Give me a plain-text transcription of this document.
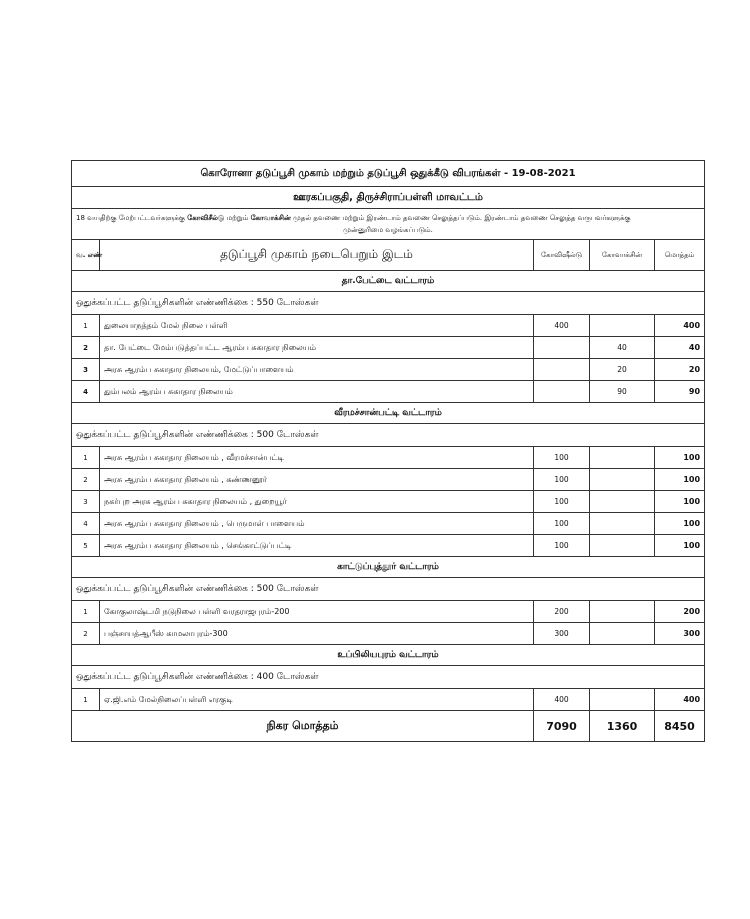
கொரோனா தடுப்பூசி முகாம் மற்றும் தடுப்பூசி ஒதுக்கீடு விபரங்கள் - 19-08-2021				
ஊரகப்பகுதி, திருச்சிராப்பள்ளி மாவட்டம்				
18 வயதிற்கு மேற்பட்டவர்களுக்கு கோவிசீல்டு மற்றும் கோவாக்சின் முதல் தவணை மற்றும் இரண்டாம் தவணை செலுத்தப்படும். இரண்டாம் தவணை செலுத்த வருபவர்களுக்கு
முன்னுரிமை வழங்கப்படும்.				

வ. எண்	தடுப்பூசி முகாம் நடைபெறும் இடம்	கோவிஷீல்டு	கோவாக்சின்	மொத்தம்
தா.பேட்டை வட்டாரம்				
ஒதுக்கப்பட்ட தடுப்பூசிகளின் எண்ணிக்கை : 550 டோஸ்கள்				
1	துலையாநத்தம் மேல் நிலை பள்ளி	400		400
2	தா. பேட்டை மேம்படுத்தப்பட்ட ஆரம்ப சுகாதார நிலையம்		40	40
3	அரசு ஆரம்ப சுகாதார நிலையம், மேட்டுப்பாளையம்		20	20
4	தும்பலம் ஆரம்ப சுகாதார நிலையம்		90	90
வீரமச்சான்பட்டி வட்டாரம்				
ஒதுக்கப்பட்ட தடுப்பூசிகளின் எண்ணிக்கை : 500 டோஸ்கள்				
1	அரசு ஆரம்ப சுகாதார நிலையம் , வீரமச்சான்பட்டி	100		100
2	அரசு ஆரம்ப சுகாதார நிலையம் , கண்ணனூர்	100		100
3	நகர்புற அரசு ஆரம்ப சுகாதார நிலையம் , துறையூர்	100		100
4	அரசு ஆரம்ப சுகாதார நிலையம் , பெருமாள் பாளையம்	100		100
5	அரசு ஆரம்ப சுகாதார நிலையம் , செங்காட்டுப்பட்டி	100		100
காட்டுப்புத்தூர் வட்டாரம்				
ஒதுக்கப்பட்ட தடுப்பூசிகளின் எண்ணிக்கை : 500 டோஸ்கள்				
1	கோகுலாஷ்டமி நடுநிலை பள்ளி வரதராஜபுரம்-200	200		200
2	பஞ்சாயத்ஆபீஸ் காமலாபுரம்-300	300		300
உப்பிலியபுரம் வட்டாரம்				
ஒதுக்கப்பட்ட தடுப்பூசிகளின் எண்ணிக்கை : 400 டோஸ்கள்				
1	ஏ.ஜி.எம் மேல்நிலைப்பள்ளி எரகுடி	400		400
நிகர மொத்தம்		7090	1360	8450
